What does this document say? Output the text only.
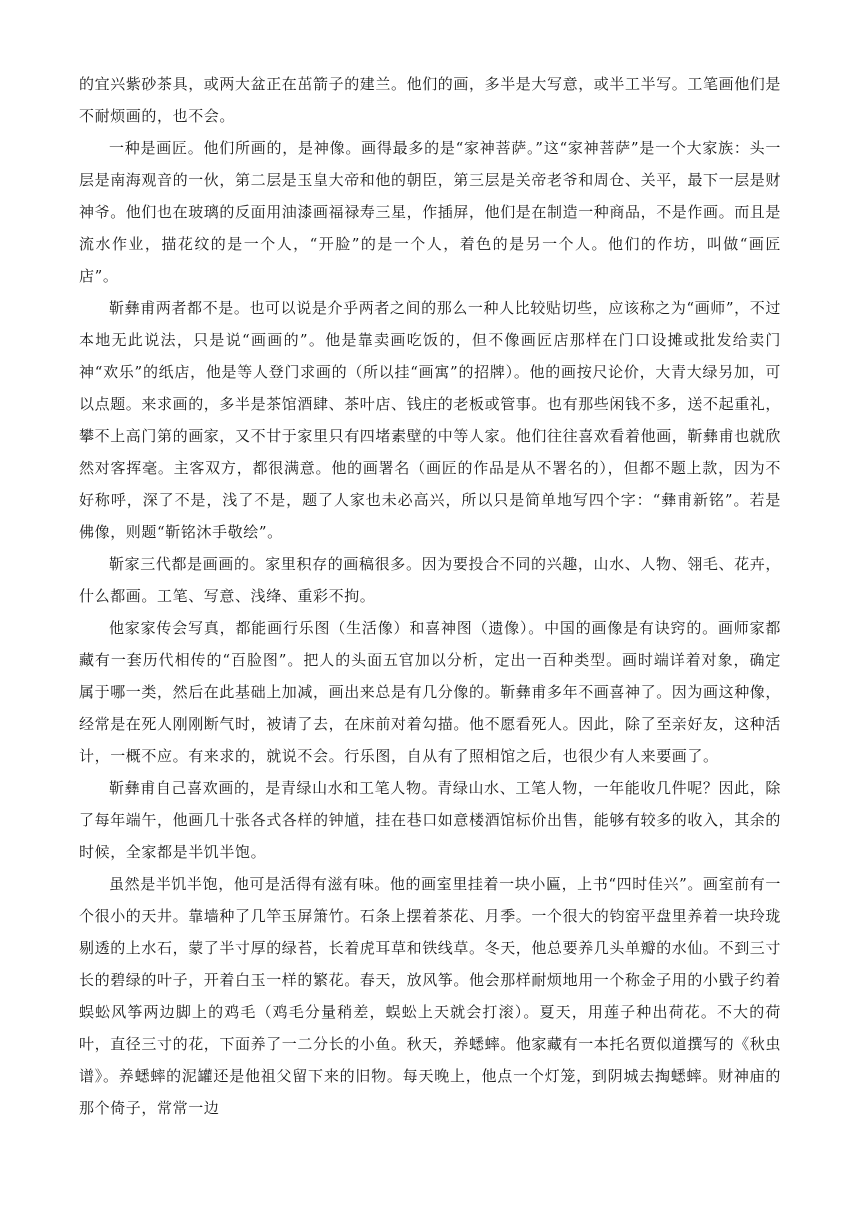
的宜兴紫砂茶具，或两大盆正在茁箭子的建兰。他们的画，多半是大写意，或半工半写。工笔画他们是不耐烦画的，也不会。

一种是画匠。他们所画的，是神像。画得最多的是“家神菩萨。”这“家神菩萨”是一个大家族：头一层是南海观音的一伙，第二层是玉皇大帝和他的朝臣，第三层是关帝老爷和周仓、关平，最下一层是财神爷。他们也在玻璃的反面用油漆画福禄寿三星，作插屏，他们是在制造一种商品，不是作画。而且是流水作业，描花纹的是一个人，“开脸”的是一个人，着色的是另一个人。他们的作坊，叫做“画匠店”。

靳彝甫两者都不是。也可以说是介乎两者之间的那么一种人比较贴切些，应该称之为“画师”，不过本地无此说法，只是说“画画的”。他是靠卖画吃饭的，但不像画匠店那样在门口设摊或批发给卖门神“欢乐”的纸店，他是等人登门求画的（所以挂“画寓”的招牌）。他的画按尺论价，大青大绿另加，可以点题。来求画的，多半是茶馆酒肆、茶叶店、钱庄的老板或管事。也有那些闲钱不多，送不起重礼，攀不上高门第的画家，又不甘于家里只有四堵素壁的中等人家。他们往往喜欢看着他画，靳彝甫也就欣然对客挥毫。主客双方，都很满意。他的画署名（画匠的作品是从不署名的），但都不题上款，因为不好称呼，深了不是，浅了不是，题了人家也未必高兴，所以只是简单地写四个字：“彝甫新铭”。若是佛像，则题“靳铭沐手敬绘”。

靳家三代都是画画的。家里积存的画稿很多。因为要投合不同的兴趣，山水、人物、翎毛、花卉，什么都画。工笔、写意、浅绛、重彩不拘。

他家家传会写真，都能画行乐图（生活像）和喜神图（遗像）。中国的画像是有诀窍的。画师家都藏有一套历代相传的“百脸图”。把人的头面五官加以分析，定出一百种类型。画时端详着对象，确定属于哪一类，然后在此基础上加减，画出来总是有几分像的。靳彝甫多年不画喜神了。因为画这种像，经常是在死人刚刚断气时，被请了去，在床前对着勾描。他不愿看死人。因此，除了至亲好友，这种活计，一概不应。有来求的，就说不会。行乐图，自从有了照相馆之后，也很少有人来要画了。

靳彝甫自己喜欢画的，是青绿山水和工笔人物。青绿山水、工笔人物，一年能收几件呢？因此，除了每年端午，他画几十张各式各样的钟馗，挂在巷口如意楼酒馆标价出售，能够有较多的收入，其余的时候，全家都是半饥半饱。

虽然是半饥半饱，他可是活得有滋有味。他的画室里挂着一块小匾，上书“四时佳兴”。画室前有一个很小的天井。靠墙种了几竿玉屏箫竹。石条上摆着茶花、月季。一个很大的钧窑平盘里养着一块玲珑剔透的上水石，蒙了半寸厚的绿苔，长着虎耳草和铁线草。冬天，他总要养几头单瓣的水仙。不到三寸长的碧绿的叶子，开着白玉一样的繁花。春天，放风筝。他会那样耐烦地用一个称金子用的小戥子约着蜈蚣风筝两边脚上的鸡毛（鸡毛分量稍差，蜈蚣上天就会打滚）。夏天，用莲子种出荷花。不大的荷叶，直径三寸的花，下面养了一二分长的小鱼。秋天，养蟋蟀。他家藏有一本托名贾似道撰写的《秋虫谱》。养蟋蟀的泥罐还是他祖父留下来的旧物。每天晚上，他点一个灯笼，到阴城去掏蟋蟀。财神庙的那个倚子，常常一边
